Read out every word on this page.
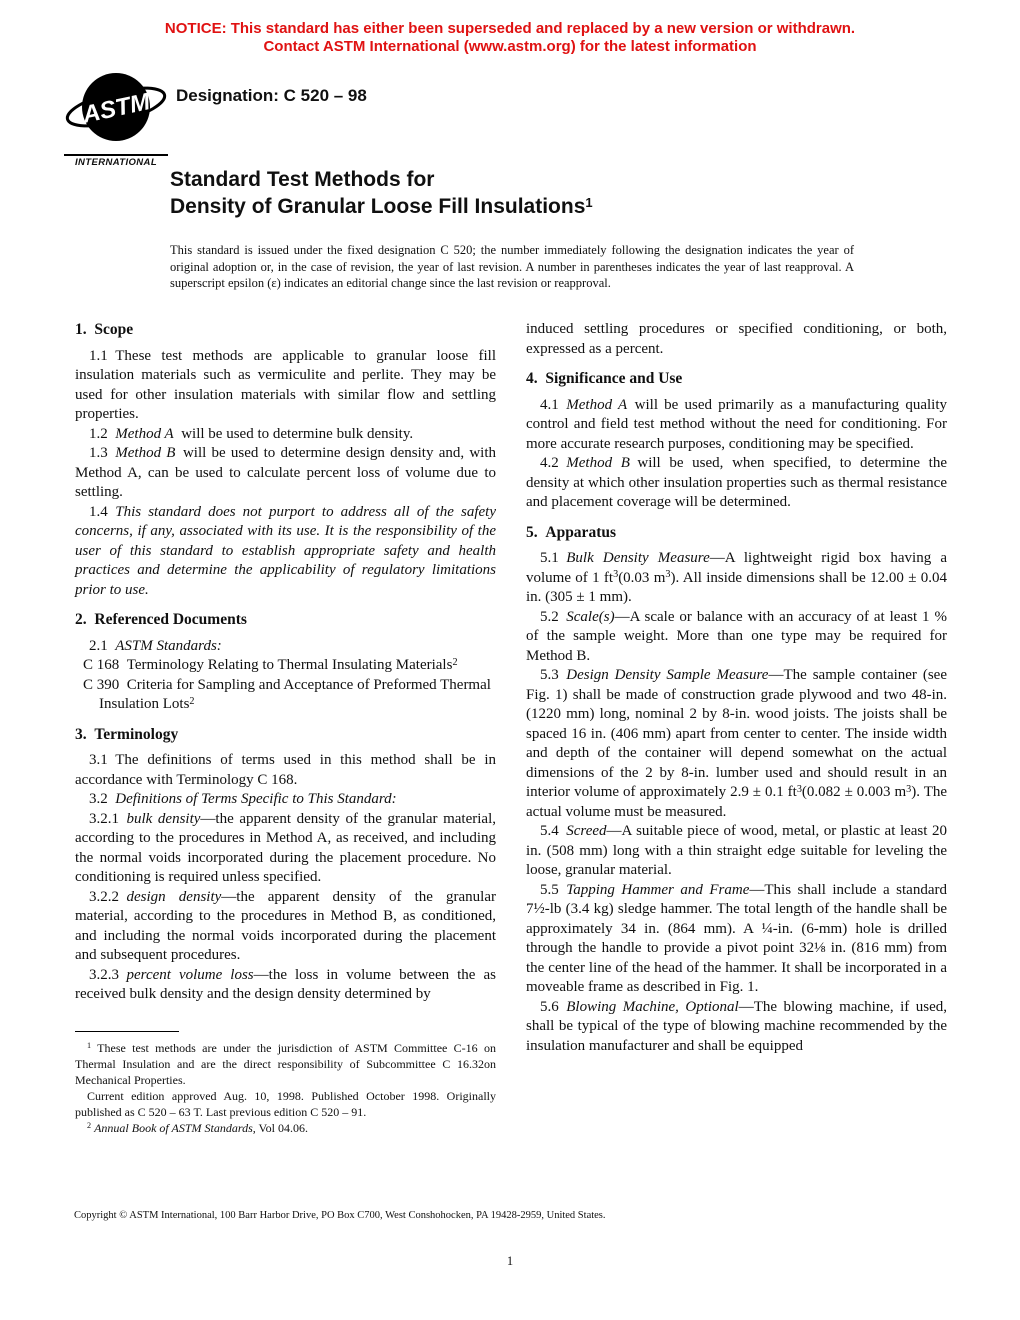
NOTICE: This standard has either been superseded and replaced by a new version or withdrawn.
Contact ASTM International (www.astm.org) for the latest information
ASTM
INTERNATIONAL
Designation: C 520 – 98
Standard Test Methods for
Density of Granular Loose Fill Insulations$^1$
This standard is issued under the fixed designation C 520; the number immediately following the designation indicates the year of original adoption or, in the case of revision, the year of last revision. A number in parentheses indicates the year of last reapproval. A superscript epsilon (ε) indicates an editorial change since the last revision or reapproval.
1. Scope

1.1 These test methods are applicable to granular loose fill insulation materials such as vermiculite and perlite. They may be used for other insulation materials with similar flow and settling properties.

1.2 Method A will be used to determine bulk density.

1.3 Method B will be used to determine design density and, with Method A, can be used to calculate percent loss of volume due to settling.

1.4 This standard does not purport to address all of the safety concerns, if any, associated with its use. It is the responsibility of the user of this standard to establish appropriate safety and health practices and determine the applicability of regulatory limitations prior to use.

2. Referenced Documents

2.1 ASTM Standards:

C 168 Terminology Relating to Thermal Insulating Materials$^2$

C 390 Criteria for Sampling and Acceptance of Preformed Thermal Insulation Lots$^2$

3. Terminology

3.1 The definitions of terms used in this method shall be in accordance with Terminology C 168.

3.2 Definitions of Terms Specific to This Standard:

3.2.1 bulk density—the apparent density of the granular material, according to the procedures in Method A, as received, and including the normal voids incorporated during the placement procedure. No conditioning is required unless specified.

3.2.2 design density—the apparent density of the granular material, according to the procedures in Method B, as conditioned, and including the normal voids incorporated during the placement and subsequent procedures.

3.2.3 percent volume loss—the loss in volume between the as received bulk density and the design density determined by

$^1$ These test methods are under the jurisdiction of ASTM Committee C-16 on Thermal Insulation and are the direct responsibility of Subcommittee C 16.32on Mechanical Properties.

Current edition approved Aug. 10, 1998. Published October 1998. Originally published as C 520 – 63 T. Last previous edition C 520 – 91.

$^2$ Annual Book of ASTM Standards, Vol 04.06.

induced settling procedures or specified conditioning, or both, expressed as a percent.

4. Significance and Use

4.1 Method A will be used primarily as a manufacturing quality control and field test method without the need for conditioning. For more accurate research purposes, conditioning may be specified.

4.2 Method B will be used, when specified, to determine the density at which other insulation properties such as thermal resistance and placement coverage will be determined.

5. Apparatus

5.1 Bulk Density Measure—A lightweight rigid box having a volume of 1 $ft^3(0.03$ $m^3$). All inside dimensions shall be 12.00 ± 0.04 in. (305 ± 1 mm).

5.2 Scale(s)—A scale or balance with an accuracy of at least 1 % of the sample weight. More than one type may be required for Method B.

5.3 Design Density Sample Measure—The sample container (see Fig. 1) shall be made of construction grade plywood and two 48-in. (1220 mm) long, nominal 2 by 8-in. wood joists. The joists shall be spaced 16 in. (406 mm) apart from center to center. The inside width and depth of the container will depend somewhat on the actual dimensions of the 2 by 8-in. lumber used and should result in an interior volume of approximately 2.9 ± 0.1 $ft^3(0.082 \pm 0.003$ $m^3$). The actual volume must be measured.

5.4 Screed—A suitable piece of wood, metal, or plastic at least 20 in. (508 mm) long with a thin straight edge suitable for leveling the loose, granular material.

5.5 Tapping Hammer and Frame—This shall include a standard 7½-lb (3.4 kg) sledge hammer. The total length of the handle shall be approximately 34 in. (864 mm). A ¼-in. (6-mm) hole is drilled through the handle to provide a pivot point 32⅛ in. (816 mm) from the center line of the head of the hammer. It shall be incorporated in a moveable frame as described in Fig. 1.

5.6 Blowing Machine, Optional—The blowing machine, if used, shall be typical of the type of blowing machine recommended by the insulation manufacturer and shall be equipped

Copyright © ASTM International, 100 Barr Harbor Drive, PO Box C700, West Conshohocken, PA 19428-2959, United States.
1
